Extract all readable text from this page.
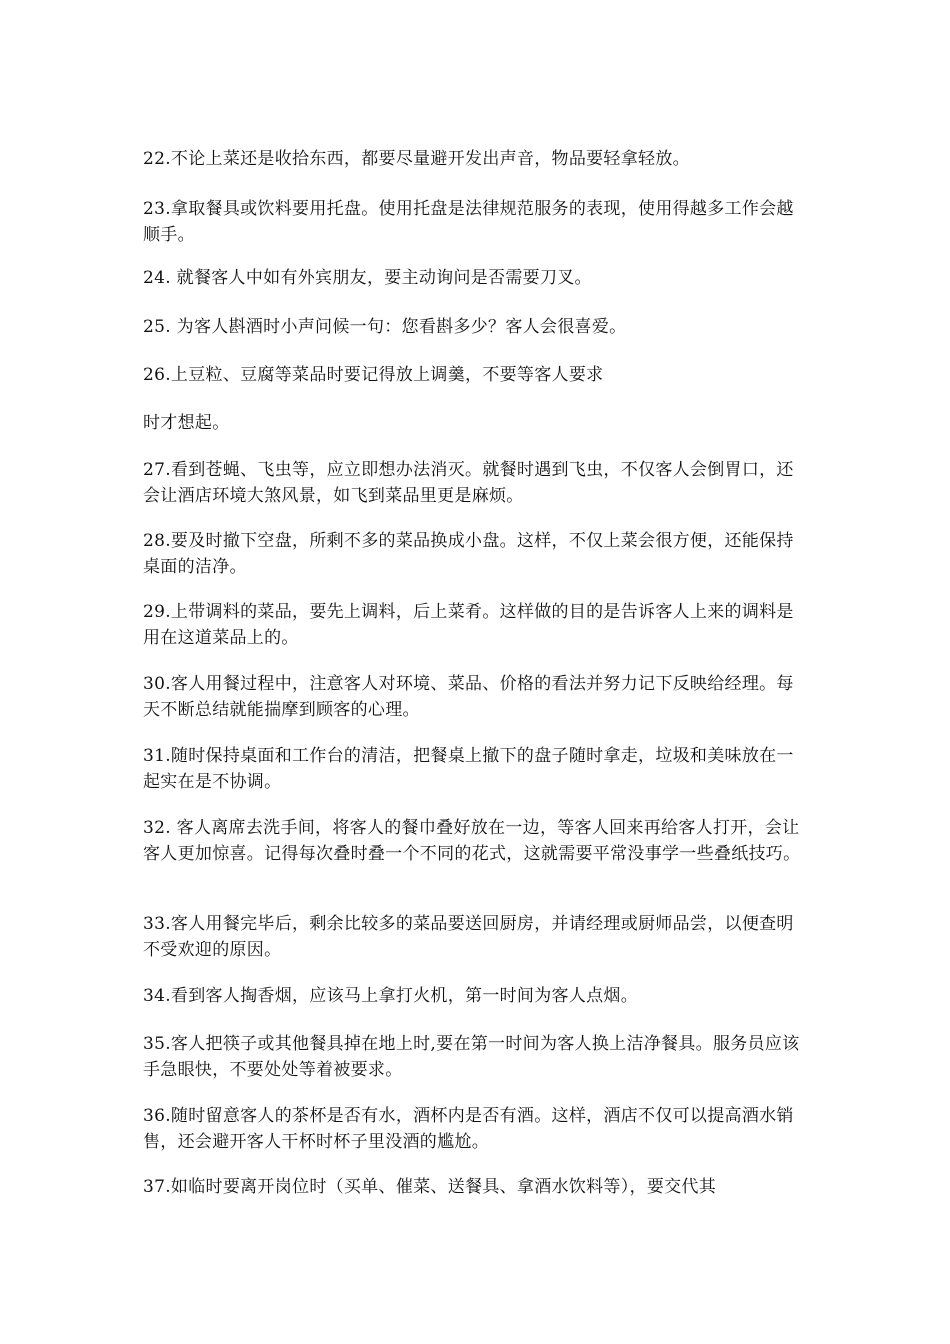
22.不论上菜还是收拾东西，都要尽量避开发出声音，物品要轻拿轻放。

23.拿取餐具或饮料要用托盘。使用托盘是法律规范服务的表现，使用得越多工作会越顺手。

24. 就餐客人中如有外宾朋友，要主动询问是否需要刀叉。

25. 为客人斟酒时小声问候一句：您看斟多少？客人会很喜爱。

26.上豆粒、豆腐等菜品时要记得放上调羹，不要等客人要求

时才想起。

27.看到苍蝇、飞虫等，应立即想办法消灭。就餐时遇到飞虫，不仅客人会倒胃口，还会让酒店环境大煞风景，如飞到菜品里更是麻烦。

28.要及时撤下空盘，所剩不多的菜品换成小盘。这样，不仅上菜会很方便，还能保持桌面的洁净。

29.上带调料的菜品，要先上调料，后上菜肴。这样做的目的是告诉客人上来的调料是用在这道菜品上的。

30.客人用餐过程中，注意客人对环境、菜品、价格的看法并努力记下反映给经理。每天不断总结就能揣摩到顾客的心理。

31.随时保持桌面和工作台的清洁，把餐桌上撤下的盘子随时拿走，垃圾和美味放在一起实在是不协调。

32. 客人离席去洗手间，将客人的餐巾叠好放在一边，等客人回来再给客人打开，会让客人更加惊喜。记得每次叠时叠一个不同的花式，这就需要平常没事学一些叠纸技巧。

33.客人用餐完毕后，剩余比较多的菜品要送回厨房，并请经理或厨师品尝，以便查明不受欢迎的原因。

34.看到客人掏香烟，应该马上拿打火机，第一时间为客人点烟。

35.客人把筷子或其他餐具掉在地上时,要在第一时间为客人换上洁净餐具。服务员应该手急眼快，不要处处等着被要求。

36.随时留意客人的茶杯是否有水，酒杯内是否有酒。这样，酒店不仅可以提高酒水销售，还会避开客人干杯时杯子里没酒的尴尬。

37.如临时要离开岗位时（买单、催菜、送餐具、拿酒水饮料等），要交代其
